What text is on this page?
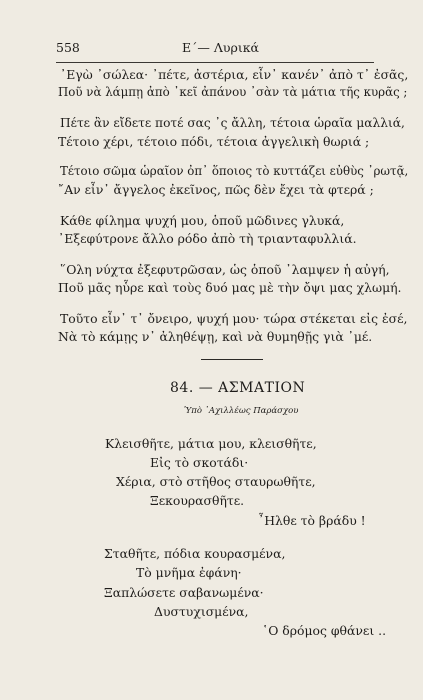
558	Ε΄— Λυρικά
᾿Εγὼ ᾿σώλεα· ᾿πέτε, ἀστέρια, εἶν᾿ κανέν᾿ ἀπὸ τ᾿ ἐσᾶς,
Ποῦ νὰ λάμπῃ ἀπὸ ᾿κεῖ ἀπάνου ᾿σὰν τὰ μάτια τῆς κυρᾶς ;
Πέτε ἂν εἴδετε ποτέ σας ᾿ς ἄλλη, τέτοια ὡραῖα μαλλιά,
Τέτοιο χέρι, τέτοιο πόδι, τέτοια ἀγγελικὴ θωριά ;
Τέτοιο σῶμα ὡραῖον ὀπ᾿ ὅποιος τὸ κυττάζει εὐθὺς ᾿ρωτᾷ,
῎Αν εἶν᾿ ἄγγελος ἐκεῖνος, πῶς δὲν ἔχει τὰ φτερά ;
Κάθε φίλημα ψυχή μου, ὁποῦ μῶδινες γλυκά,
᾿Εξεφύτρονε ἄλλο ρόδο ἀπὸ τὴ τριανταφυλλιά.
῞Ολη νύχτα ἐξεφυτρῶσαν, ὡς ὁποῦ ᾿λαμψεν ἡ αὐγή,
Ποῦ μᾶς ηὗρε καὶ τοὺς δυό μας μὲ τὴν ὄψι μας χλωμή.
Τοῦτο εἶν᾿ τ᾿ ὄνειρο, ψυχή μου· τώρα στέκεται εἰς ἐσέ,
Νὰ τὸ κάμῃς ν᾿ ἀληθέψῃ, καὶ νὰ θυμηθῇς γιὰ ᾿μέ.
84. — ΑΣΜΑΤΙΟΝ
Ὑπὸ ᾿Αχιλλέως Παράσχου
Κλεισθῆτε, μάτια μου, κλεισθῆτε,
Εἰς τὸ σκοτάδι·
Χέρια, στὸ στῆθος σταυρωθῆτε,
Ξεκουρασθῆτε.
῏Ηλθε τὸ βράδυ !
Σταθῆτε, πόδια κουρασμένα,
Τὸ μνῆμα ἐφάνη·
Ξαπλώσετε σαβανωμένα·
Δυστυχισμένα,
῾Ο δρόμος φθάνει ..
